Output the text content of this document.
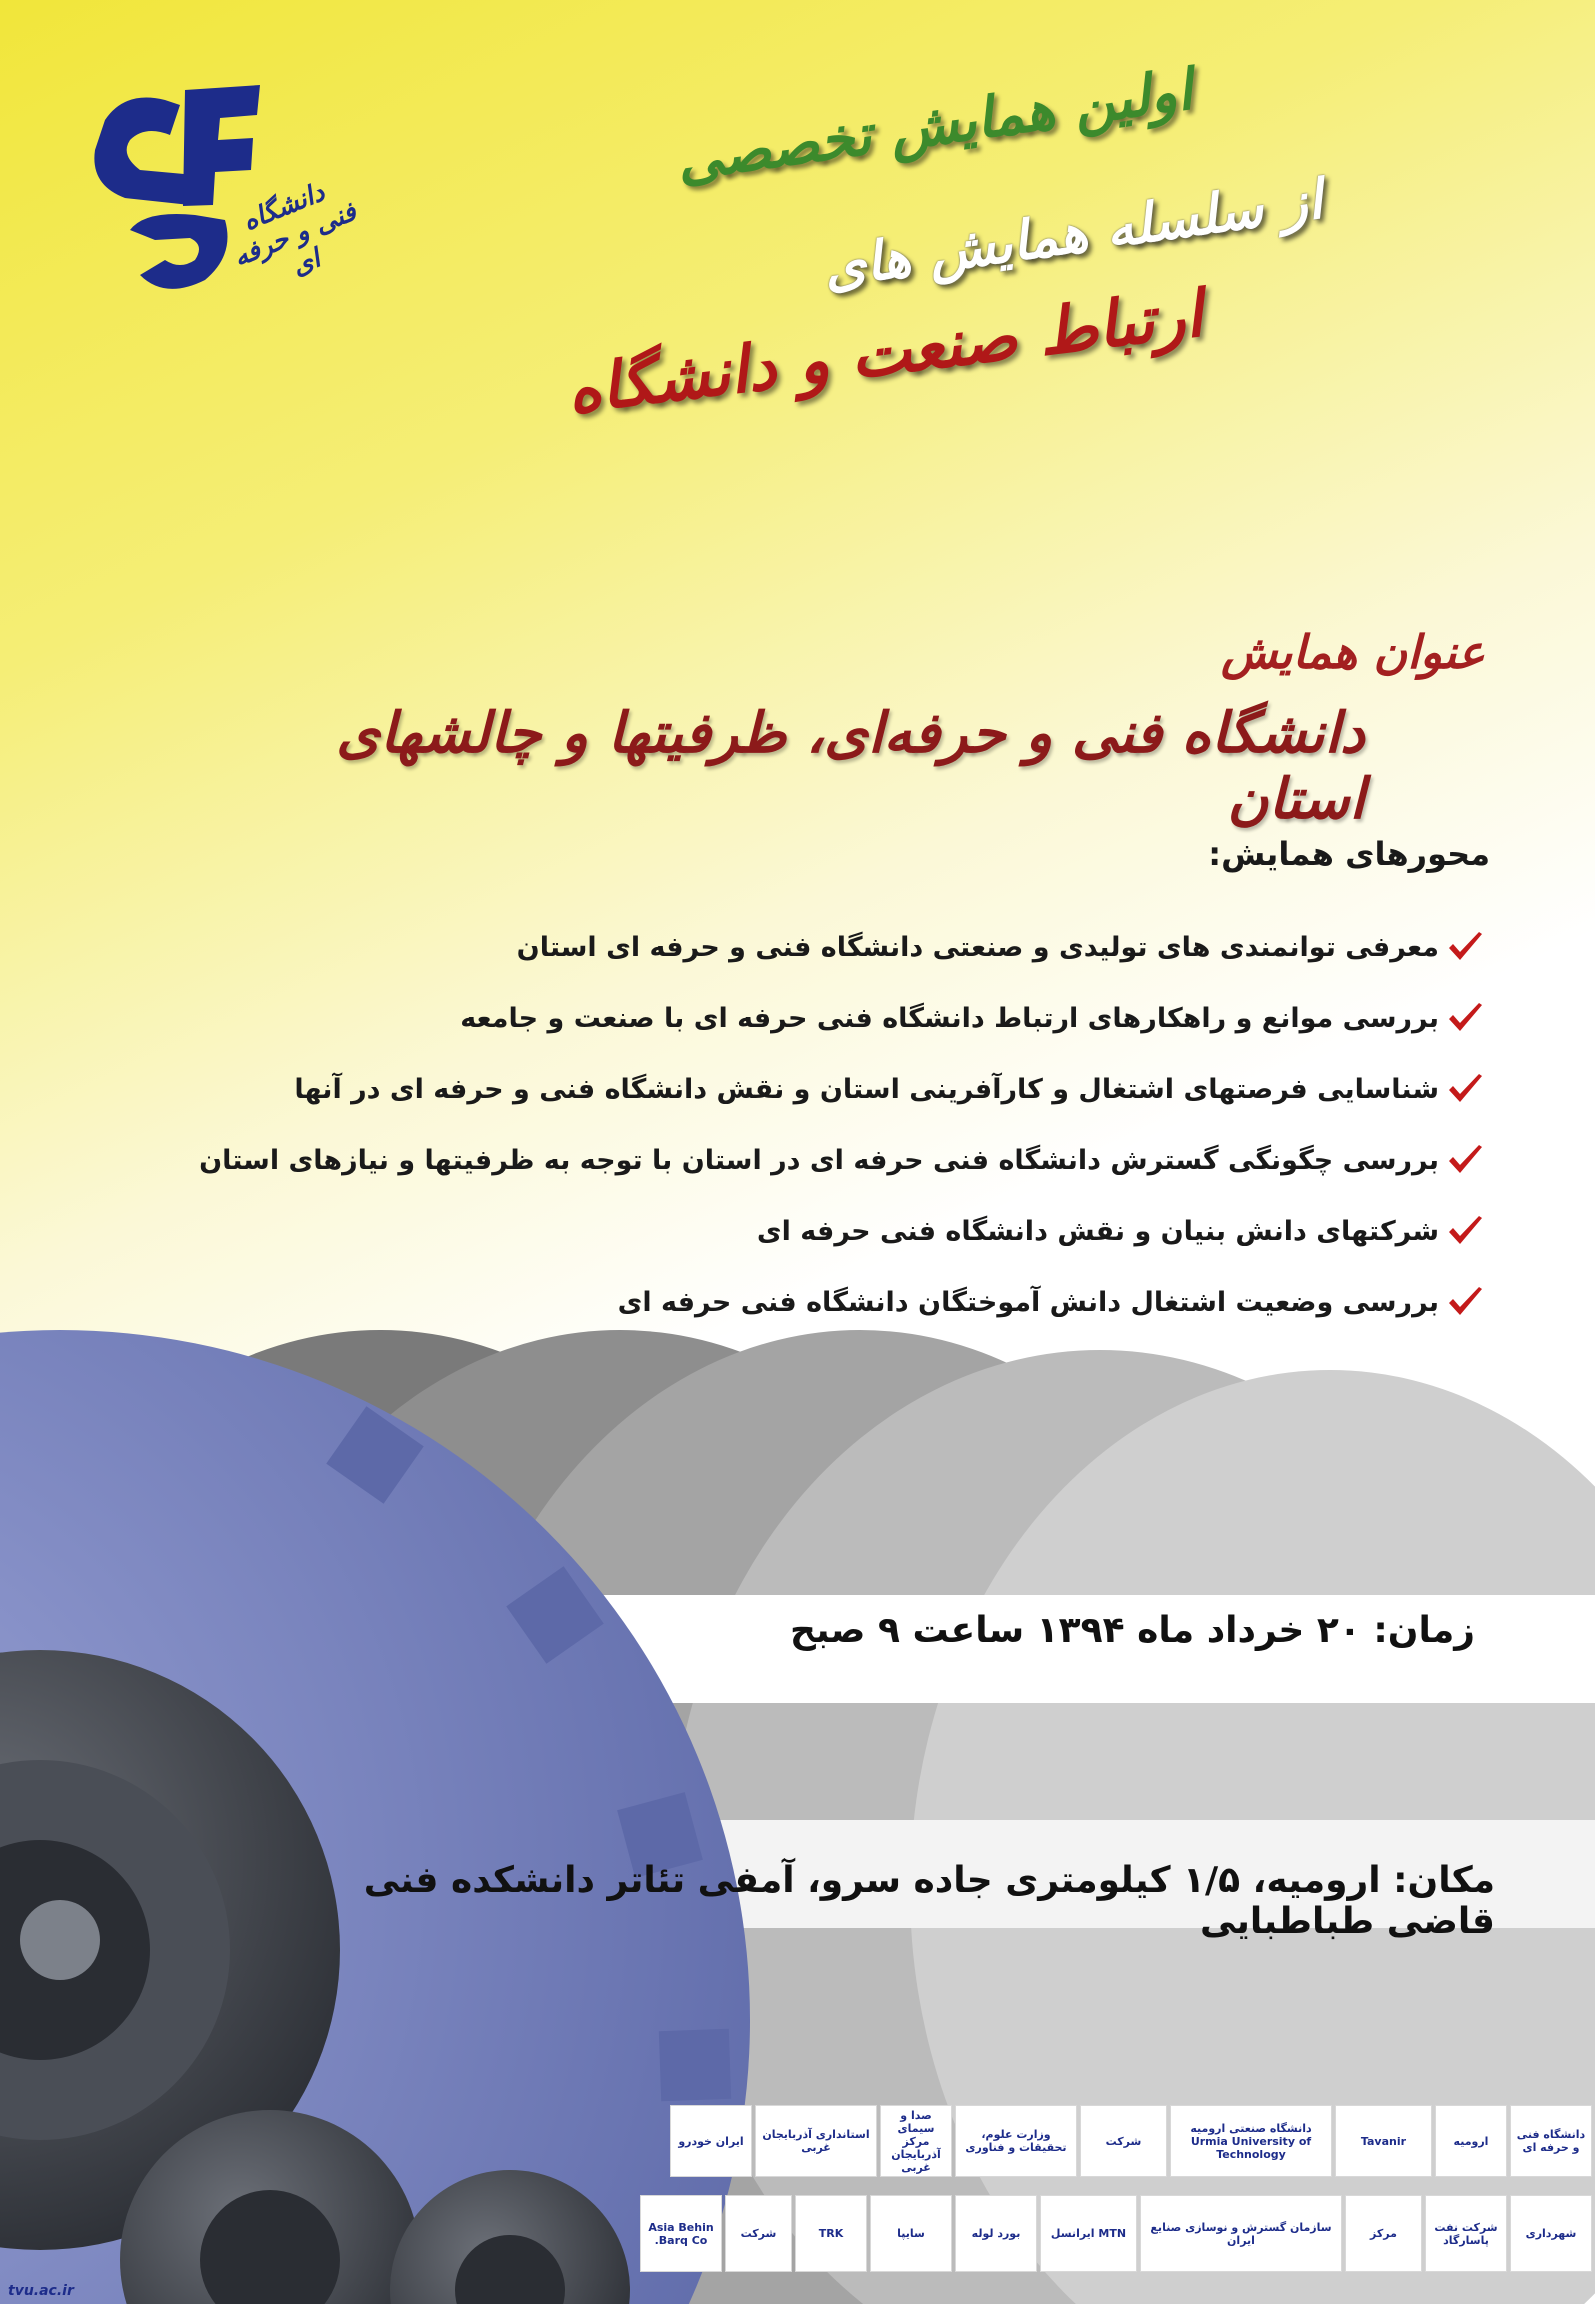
دانشگاه فنی و حرفه ای
اولین همایش تخصصی
از سلسله همایش های
ارتباط صنعت و دانشگاه
عنوان همایش
دانشگاه فنی و حرفه‌ای، ظرفیتها و چالشهای استان
محورهای همایش:
معرفی توانمندی های تولیدی و صنعتی دانشگاه فنی و حرفه ای استان
بررسی موانع و راهکارهای ارتباط دانشگاه فنی حرفه ای با صنعت و جامعه
شناسایی فرصتهای اشتغال و کارآفرینی استان و نقش دانشگاه فنی و حرفه ای در آنها
بررسی چگونگی گسترش دانشگاه فنی حرفه ای در استان با توجه به ظرفیتها و نیازهای استان
شرکتهای دانش بنیان و نقش دانشگاه فنی حرفه ای
بررسی وضعیت اشتغال دانش آموختگان دانشگاه فنی حرفه ای
زمان: ۲۰ خرداد ماه ۱۳۹۴ ساعت ۹ صبح
مکان: ارومیه، ۱/۵ کیلومتری جاده سرو، آمفی تئاتر دانشکده فنی قاضی طباطبایی
دانشگاه فنی و حرفه ای
ارومیه
Tavanir
دانشگاه صنعتی ارومیه Urmia University of Technology
شرکت
وزارت علوم، تحقیقات و فناوری
صدا و سیمای مرکز آذربایجان غربی
استانداری آذربایجان غربی
ایران خودرو
شهرداری
شرکت نفت پاسارگاد
مرکز
سازمان گسترش و نوسازی صنایع ایران
MTN ایرانسل
بورد لوله
سایپا
TRK
شرکت
Asia Behin Barq Co.
tvu.ac.ir
